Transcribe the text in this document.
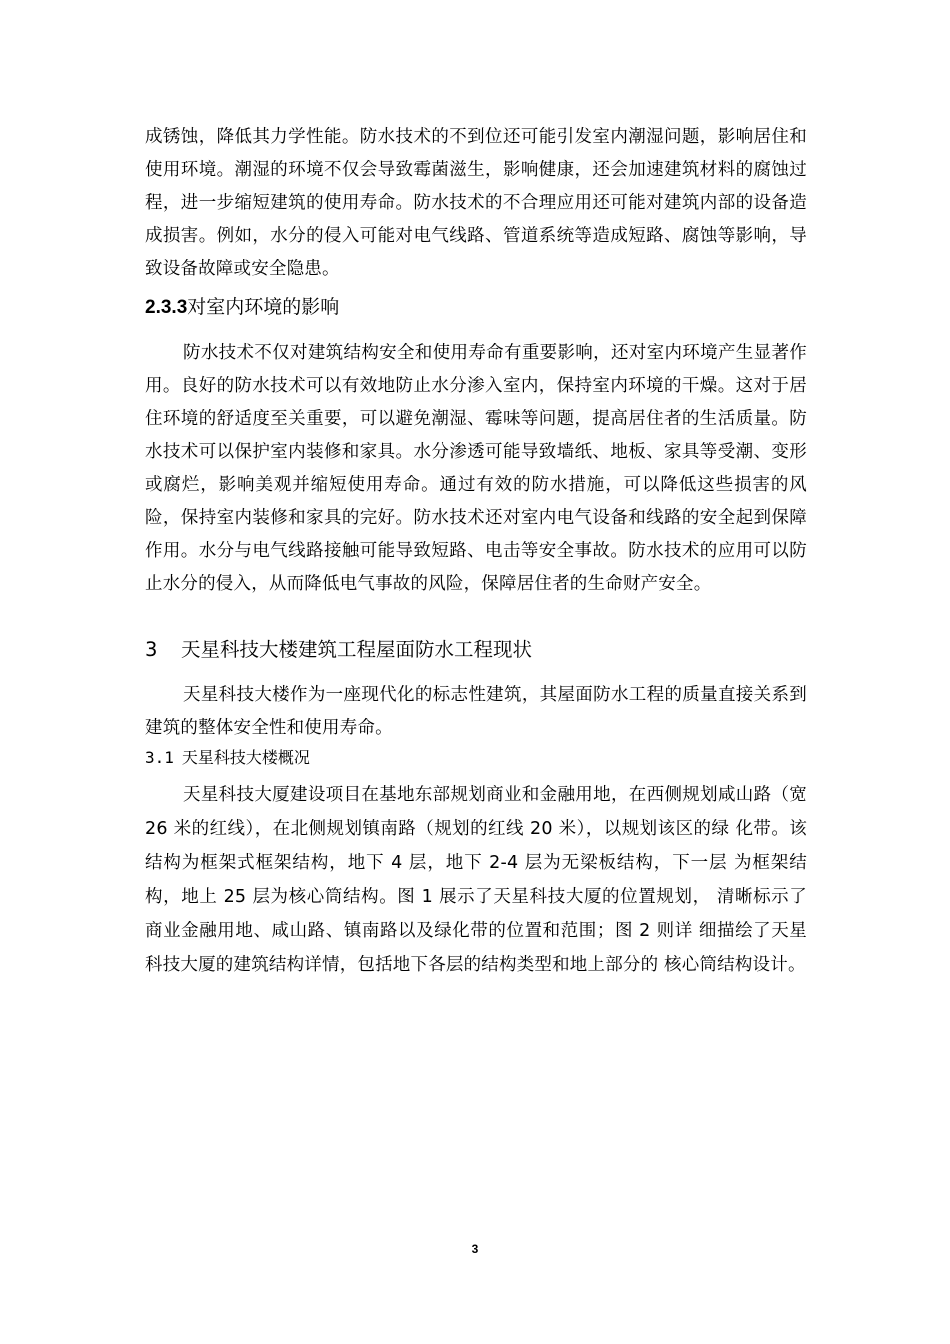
成锈蚀，降低其力学性能。防水技术的不到位还可能引发室内潮湿问题，影响居住和使用环境。潮湿的环境不仅会导致霉菌滋生，影响健康，还会加速建筑材料的腐蚀过程，进一步缩短建筑的使用寿命。防水技术的不合理应用还可能对建筑内部的设备造成损害。例如，水分的侵入可能对电气线路、管道系统等造成短路、腐蚀等影响，导致设备故障或安全隐患。

2.3.3对室内环境的影响

防水技术不仅对建筑结构安全和使用寿命有重要影响，还对室内环境产生显著作用。良好的防水技术可以有效地防止水分渗入室内，保持室内环境的干燥。这对于居住环境的舒适度至关重要，可以避免潮湿、霉味等问题，提高居住者的生活质量。防水技术可以保护室内装修和家具。水分渗透可能导致墙纸、地板、家具等受潮、变形或腐烂，影响美观并缩短使用寿命。通过有效的防水措施，可以降低这些损害的风险，保持室内装修和家具的完好。防水技术还对室内电气设备和线路的安全起到保障作用。水分与电气线路接触可能导致短路、电击等安全事故。防水技术的应用可以防止水分的侵入，从而降低电气事故的风险，保障居住者的生命财产安全。

3 天星科技大楼建筑工程屋面防水工程现状

天星科技大楼作为一座现代化的标志性建筑，其屋面防水工程的质量直接关系到建筑的整体安全性和使用寿命。

3.1 天星科技大楼概况

天星科技大厦建设项目在基地东部规划商业和金融用地，在西侧规划咸山路（宽 26 米的红线），在北侧规划镇南路（规划的红线 20 米），以规划该区的绿 化带。该结构为框架式框架结构，地下 4 层，地下 2-4 层为无梁板结构，下一层 为框架结构，地上 25 层为核心筒结构。图 1 展示了天星科技大厦的位置规划， 清晰标示了商业金融用地、咸山路、镇南路以及绿化带的位置和范围；图 2 则详 细描绘了天星科技大厦的建筑结构详情，包括地下各层的结构类型和地上部分的 核心筒结构设计。

3
